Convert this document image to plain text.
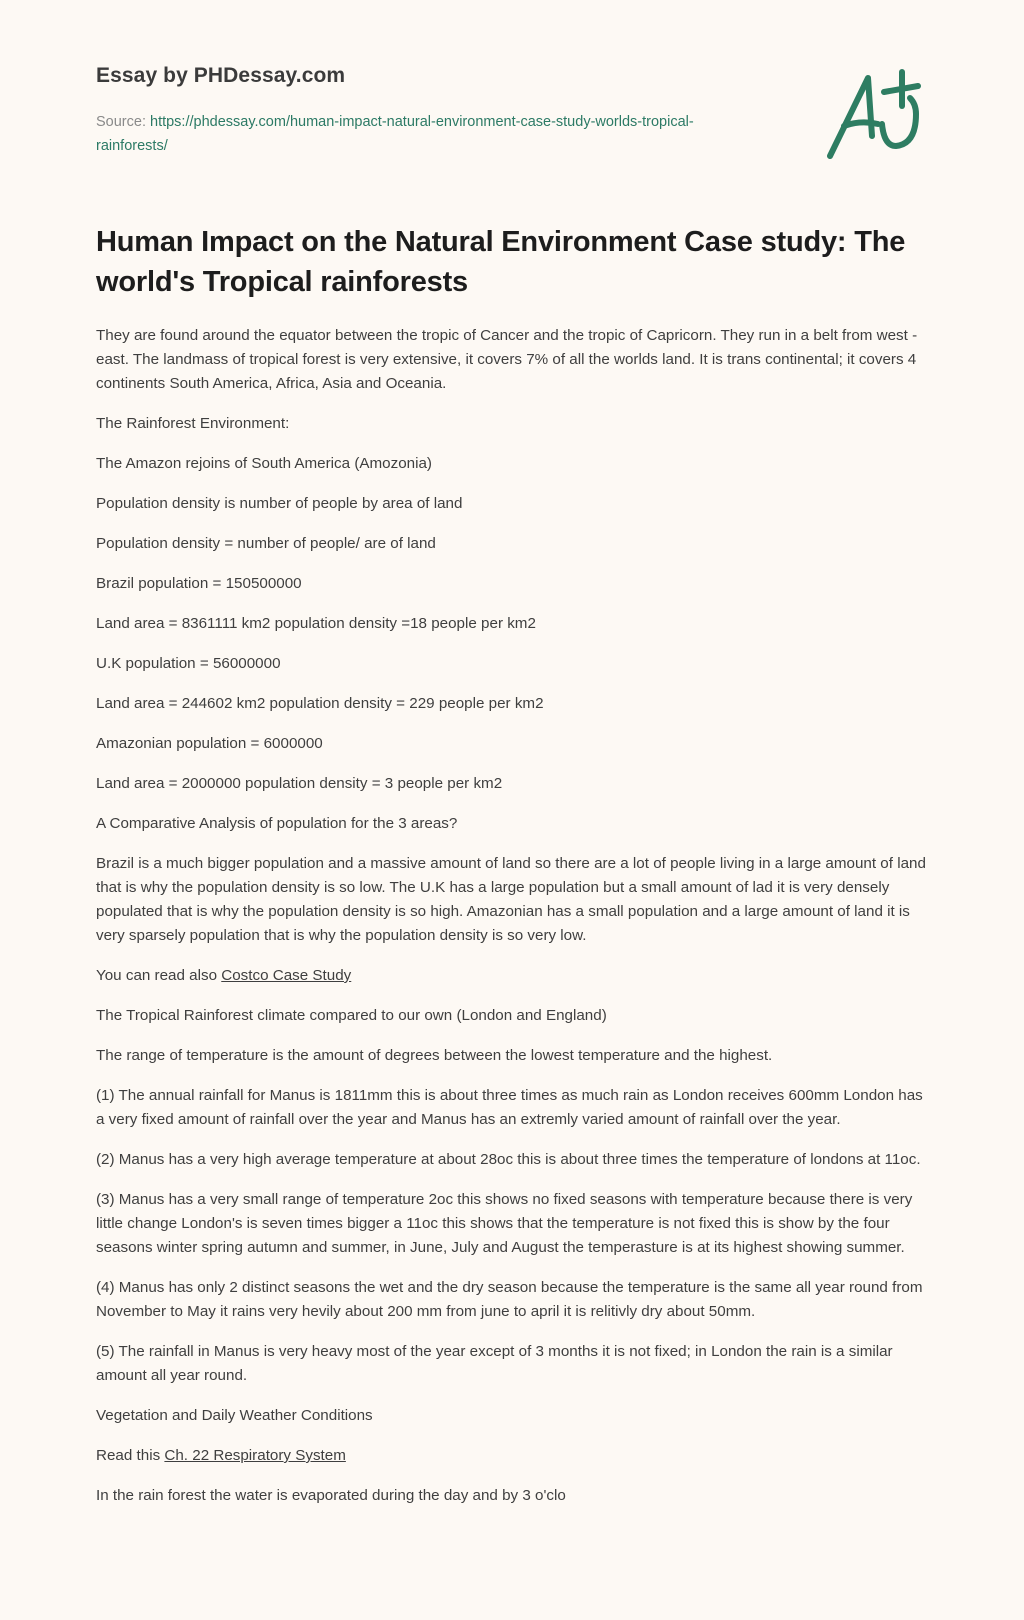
Essay by PHDessay.com
Source: https://phdessay.com/human-impact-natural-environment-case-study-worlds-tropical-rainforests/
Human Impact on the Natural Environment Case study: The world's Tropical rainforests

They are found around the equator between the tropic of Cancer and the tropic of Capricorn. They run in a belt from west - east. The landmass of tropical forest is very extensive, it covers 7% of all the worlds land. It is trans continental; it covers 4 continents South America, Africa, Asia and Oceania.

The Rainforest Environment:

The Amazon rejoins of South America (Amozonia)

Population density is number of people by area of land

Population density = number of people/ are of land

Brazil population = 150500000

Land area = 8361111 km2 population density =18 people per km2

U.K population = 56000000

Land area = 244602 km2 population density = 229 people per km2

Amazonian population = 6000000

Land area = 2000000 population density = 3 people per km2

A Comparative Analysis of population for the 3 areas?

Brazil is a much bigger population and a massive amount of land so there are a lot of people living in a large amount of land that is why the population density is so low. The U.K has a large population but a small amount of lad it is very densely populated that is why the population density is so high. Amazonian has a small population and a large amount of land it is very sparsely population that is why the population density is so very low.

You can read also Costco Case Study

The Tropical Rainforest climate compared to our own (London and England)

The range of temperature is the amount of degrees between the lowest temperature and the highest.

(1) The annual rainfall for Manus is 1811mm this is about three times as much rain as London receives 600mm London has a very fixed amount of rainfall over the year and Manus has an extremly varied amount of rainfall over the year.

(2) Manus has a very high average temperature at about 28oc this is about three times the temperature of londons at 11oc.

(3) Manus has a very small range of temperature 2oc this shows no fixed seasons with temperature because there is very little change London's is seven times bigger a 11oc this shows that the temperature is not fixed this is show by the four seasons winter spring autumn and summer, in June, July and August the temperasture is at its highest showing summer.

(4) Manus has only 2 distinct seasons the wet and the dry season because the temperature is the same all year round from November to May it rains very hevily about 200 mm from june to april it is relitivly dry about 50mm.

(5) The rainfall in Manus is very heavy most of the year except of 3 months it is not fixed; in London the rain is a similar amount all year round.

Vegetation and Daily Weather Conditions

Read this Ch. 22 Respiratory System

In the rain forest the water is evaporated during the day and by 3 o'clo
